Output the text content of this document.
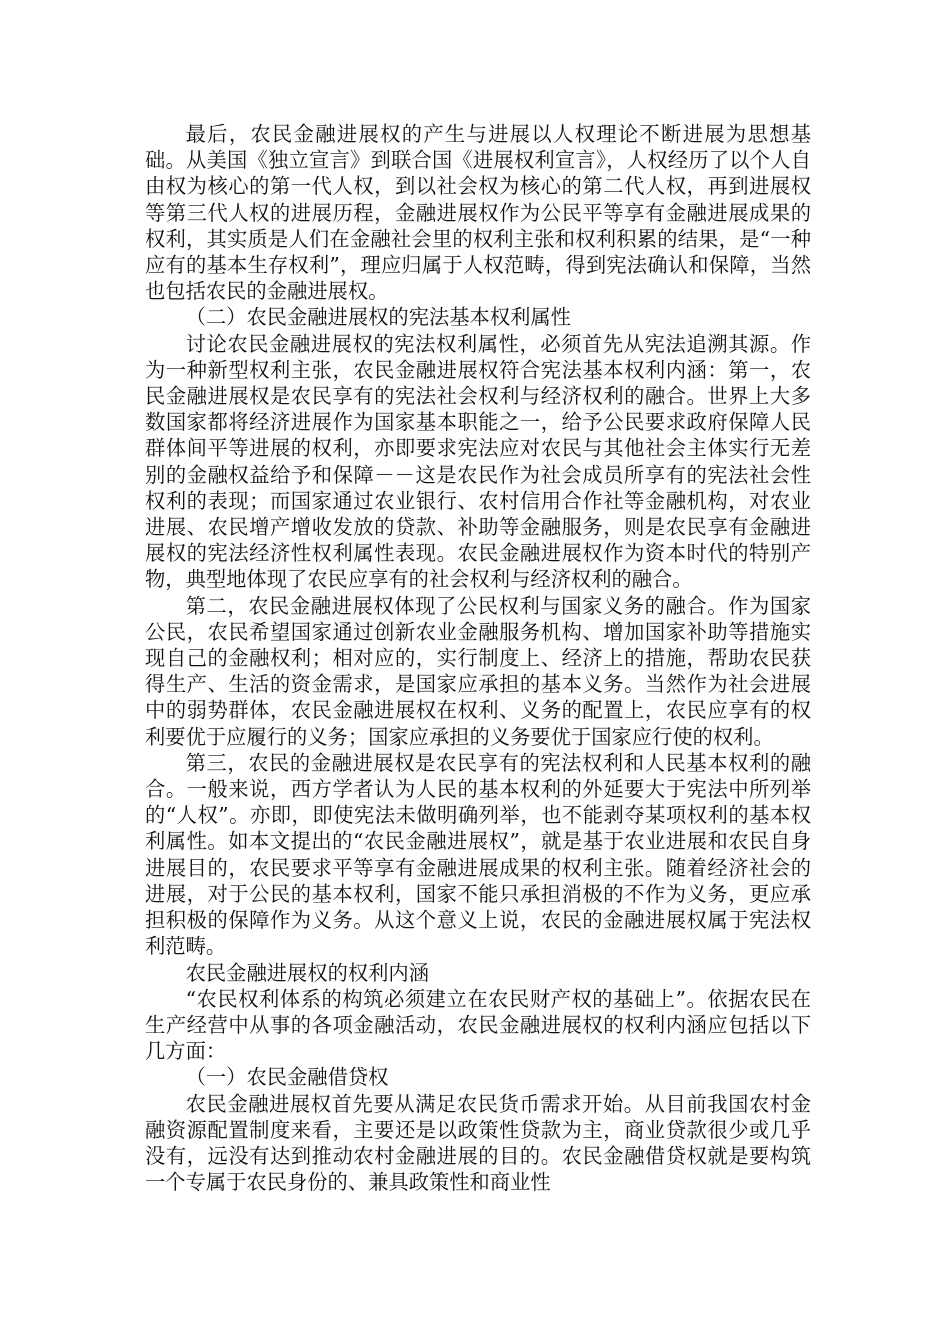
最后，农民金融进展权的产生与进展以人权理论不断进展为思想基础。从美国《独立宣言》到联合国《进展权利宣言》，人权经历了以个人自由权为核心的第一代人权，到以社会权为核心的第二代人权，再到进展权等第三代人权的进展历程，金融进展权作为公民平等享有金融进展成果的权利，其实质是人们在金融社会里的权利主张和权利积累的结果，是“一种应有的基本生存权利”，理应归属于人权范畴，得到宪法确认和保障，当然也包括农民的金融进展权。

（二）农民金融进展权的宪法基本权利属性

讨论农民金融进展权的宪法权利属性，必须首先从宪法追溯其源。作为一种新型权利主张，农民金融进展权符合宪法基本权利内涵：第一，农民金融进展权是农民享有的宪法社会权利与经济权利的融合。世界上大多数国家都将经济进展作为国家基本职能之一，给予公民要求政府保障人民群体间平等进展的权利，亦即要求宪法应对农民与其他社会主体实行无差别的金融权益给予和保障－－这是农民作为社会成员所享有的宪法社会性权利的表现；而国家通过农业银行、农村信用合作社等金融机构，对农业进展、农民增产增收发放的贷款、补助等金融服务，则是农民享有金融进展权的宪法经济性权利属性表现。农民金融进展权作为资本时代的特别产物，典型地体现了农民应享有的社会权利与经济权利的融合。

第二，农民金融进展权体现了公民权利与国家义务的融合。作为国家公民，农民希望国家通过创新农业金融服务机构、增加国家补助等措施实现自己的金融权利；相对应的，实行制度上、经济上的措施，帮助农民获得生产、生活的资金需求，是国家应承担的基本义务。当然作为社会进展中的弱势群体，农民金融进展权在权利、义务的配置上，农民应享有的权利要优于应履行的义务；国家应承担的义务要优于国家应行使的权利。

第三，农民的金融进展权是农民享有的宪法权利和人民基本权利的融合。一般来说，西方学者认为人民的基本权利的外延要大于宪法中所列举的“人权”。亦即，即使宪法未做明确列举，也不能剥夺某项权利的基本权利属性。如本文提出的“农民金融进展权”，就是基于农业进展和农民自身进展目的，农民要求平等享有金融进展成果的权利主张。随着经济社会的进展，对于公民的基本权利，国家不能只承担消极的不作为义务，更应承担积极的保障作为义务。从这个意义上说，农民的金融进展权属于宪法权利范畴。

农民金融进展权的权利内涵

“农民权利体系的构筑必须建立在农民财产权的基础上”。依据农民在生产经营中从事的各项金融活动，农民金融进展权的权利内涵应包括以下几方面：

（一）农民金融借贷权

农民金融进展权首先要从满足农民货币需求开始。从目前我国农村金融资源配置制度来看，主要还是以政策性贷款为主，商业贷款很少或几乎没有，远没有达到推动农村金融进展的目的。农民金融借贷权就是要构筑一个专属于农民身份的、兼具政策性和商业性
